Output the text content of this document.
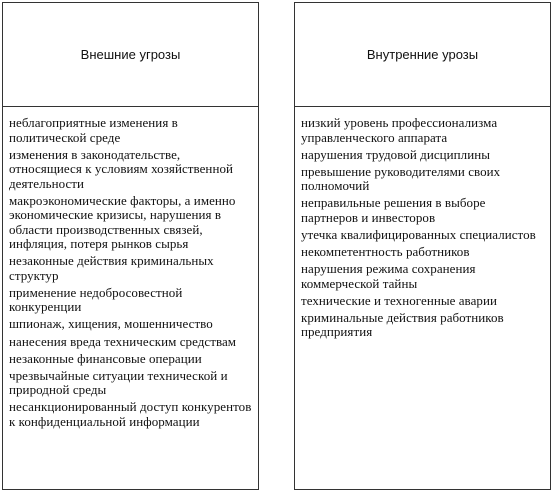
Внешние угрозы
неблагоприятные изменения в политической среде
изменения в законодательстве, относящиеся к условиям хозяйственной деятельности
макроэкономические факторы, а именно экономические кризисы, нарушения в области производственных связей, инфляция, потеря рынков сырья
незаконные действия криминальных структур
применение недобросовестной конкуренции
шпионаж, хищения, мошенничество
нанесения вреда техническим средствам
незаконные финансовые операции
чрезвычайные ситуации технической и природной среды
несанкционированный доступ конкурентов к конфиденциальной информации
Внутренние урозы
низкий уровень профессионализма управленческого аппарата
нарушения трудовой дисциплины
превышение руководителями своих полномочий
неправильные решения в выборе партнеров и инвесторов
утечка квалифицированных специалистов
некомпетентность работников
нарушения режима сохранения коммерческой тайны
технические и техногенные аварии
криминальные действия работников предприятия
